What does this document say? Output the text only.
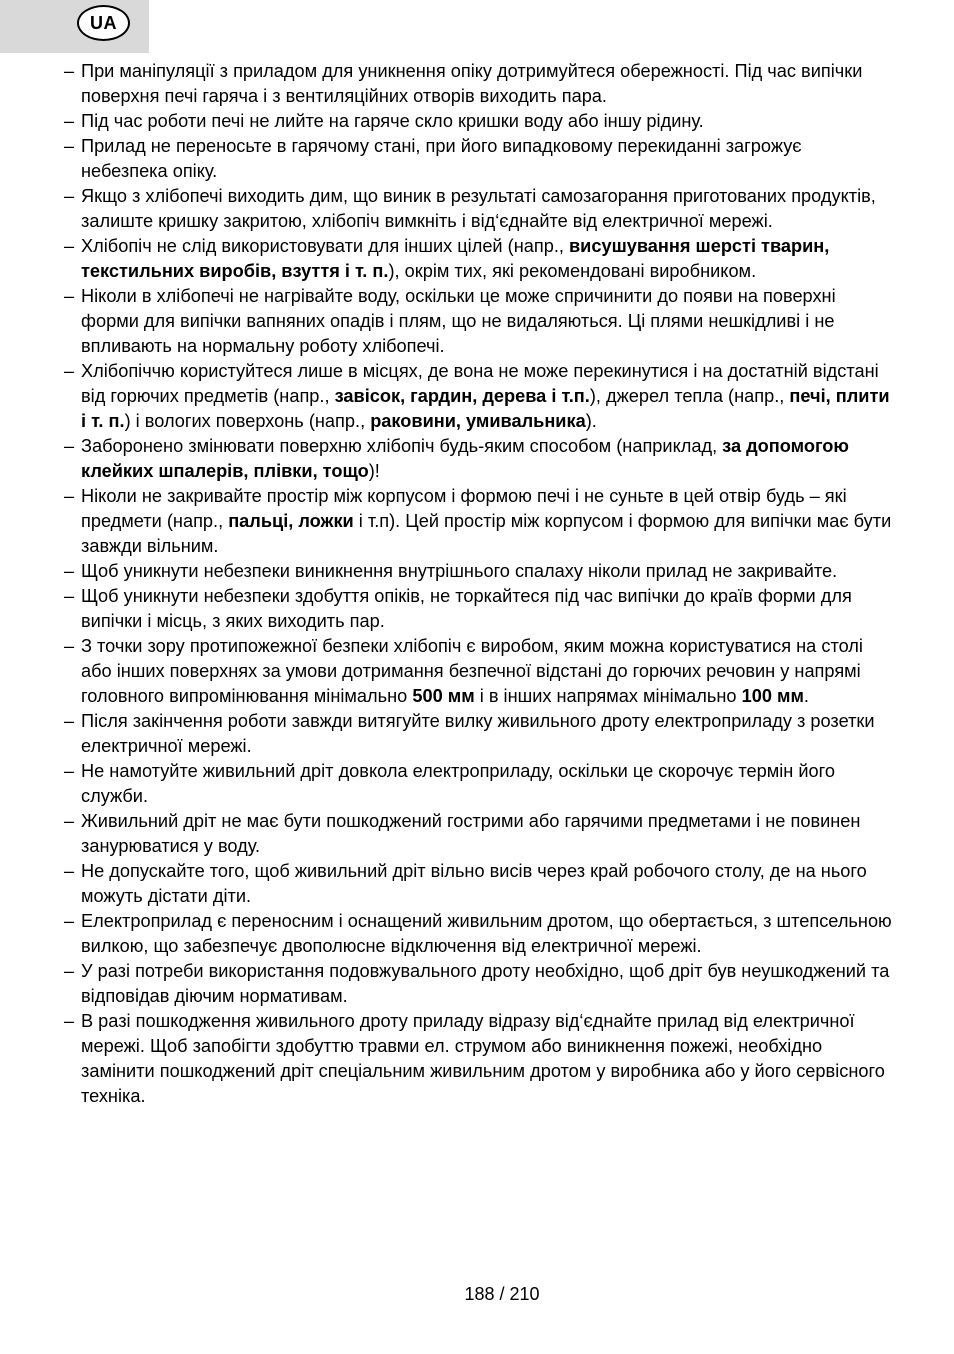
UA
– При маніпуляції з приладом для уникнення опіку дотримуйтеся обережності. Під час випічки поверхня печі гаряча і з вентиляційних отворів виходить пара.
– Під час роботи печі не лийте на гаряче скло кришки воду або іншу рідину.
– Прилад не переносьте в гарячому стані, при його випадковому перекиданні загрожує небезпека опіку.
– Якщо з хлібопечі виходить дим, що виник в результаті самозагорання приготованих продуктів, залиште кришку закритою, хлібопіч вимкніть і від‘єднайте від електричної мережі.
– Хлібопіч не слід використовувати для інших цілей (напр., висушування шерсті тварин, текстильних виробів, взуття і т. п.), окрім тих, які рекомендовані виробником.
– Ніколи в хлібопечі не нагрівайте воду, оскільки це може спричинити до появи на поверхні форми для випічки вапняних опадів і плям, що не видаляються. Ці плями нешкідливі і не впливають на нормальну роботу хлібопечі.
– Хлібопіччю користуйтеся лише в місцях, де вона не може перекинутися і на достатній відстані від горючих предметів (напр., завісок, гардин, дерева і т.п.), джерел тепла (напр., печі, плити і т. п.) і вологих поверхонь (напр., раковини, умивальника).
– Заборонено змінювати поверхню хлібопіч будь-яким способом (наприклад, за допомогою клейких шпалерів, плівки, тощо)!
– Ніколи не закривайте простір між корпусом і формою печі і не суньте в цей отвір будь – які предмети (напр., пальці, ложки і т.п). Цей простір між корпусом і формою для випічки має бути завжди вільним.
– Щоб уникнути небезпеки виникнення внутрішнього спалаху ніколи прилад не закривайте.
– Щоб уникнути небезпеки здобуття опіків, не торкайтеся під час випічки до країв форми для випічки і місць, з яких виходить пар.
– З точки зору протипожежної безпеки хлібопіч є виробом, яким можна користуватися на столі або інших поверхнях за умови дотримання безпечної відстані до горючих речовин у напрямі головного випромінювання мінімально 500 мм і в інших напрямах мінімально 100 мм.
– Після закінчення роботи завжди витягуйте вилку живильного дроту електроприладу з розетки електричної мережі.
– Не намотуйте живильний дріт довкола електроприладу, оскільки це скорочує термін його служби.
– Живильний дріт не має бути пошкоджений гострими або гарячими предметами і не повинен занурюватися у воду.
– Не допускайте того, щоб живильний дріт вільно висів через край робочого столу, де на нього можуть дістати діти.
– Електроприлад є переносним і оснащений живильним дротом, що обертається, з штепсельною вилкою, що забезпечує двополюсне відключення від електричної мережі.
– У разі потреби використання подовжувального дроту необхідно, щоб дріт був неушкоджений та відповідав діючим нормативам.
– В разі пошкодження живильного дроту приладу відразу від‘єднайте прилад від електричної мережі. Щоб запобігти здобуттю травми ел. струмом або виникнення пожежі, необхідно замінити пошкоджений дріт спеціальним живильним дротом у виробника або у його сервісного техніка.
188 / 210
